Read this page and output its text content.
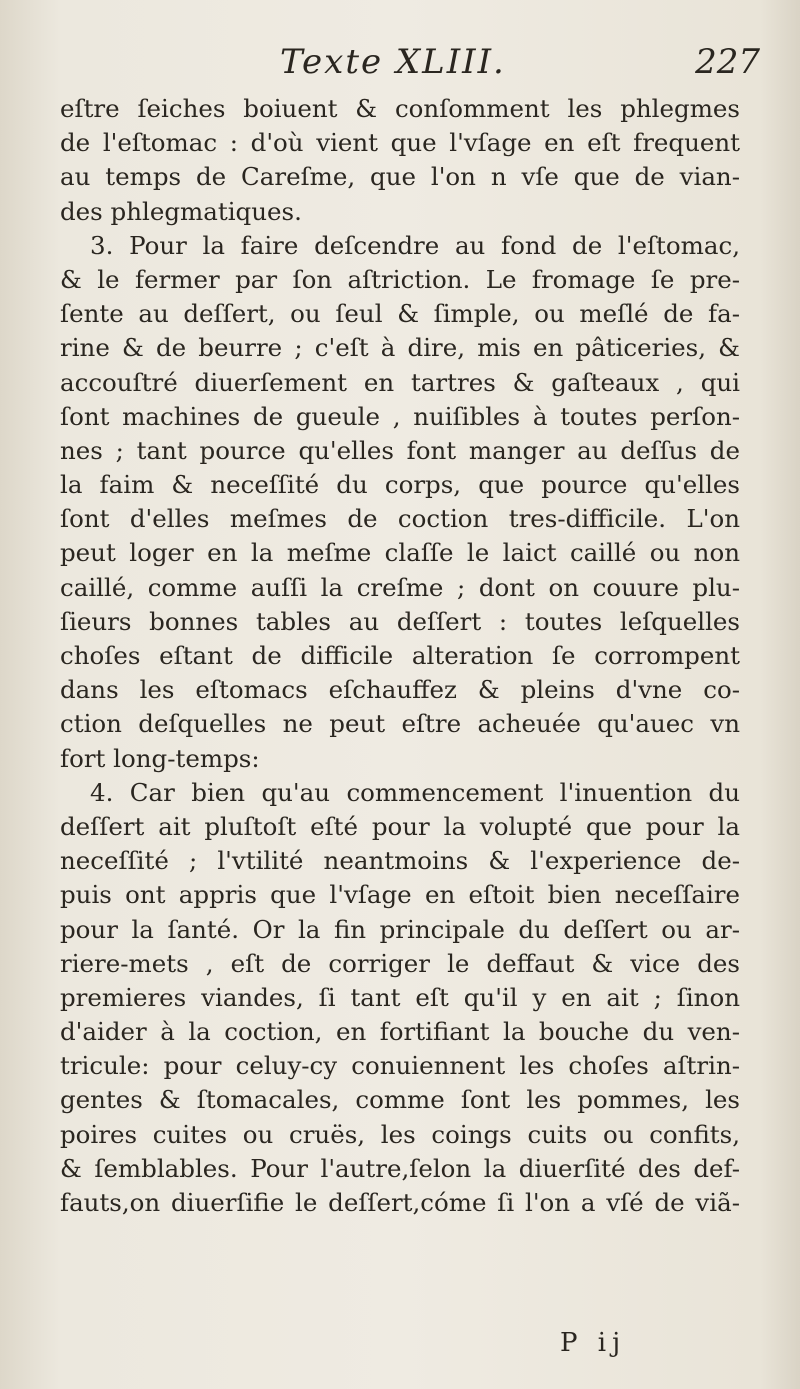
Texte XLIII.	227
eſtre ſeiches boiuent & conſomment les phlegmes
de l'eſtomac : d'où vient que l'vſage en eſt frequent
au temps de Careſme, que l'on n vſe que de vian-
des phlegmatiques.
3. Pour la faire deſcendre au fond de l'eſtomac,
& le fermer par ſon aſtriction. Le fromage ſe pre-
ſente au deſſert, ou ſeul & ſimple, ou meſlé de fa-
rine & de beurre ; c'eſt à dire, mis en pâticeries, &
accouſtré diuerſement en tartres & gaſteaux , qui
ſont machines de gueule , nuiſibles à toutes perſon-
nes ; tant pource qu'elles font manger au deſſus de
la faim & neceſſité du corps, que pource qu'elles
ſont d'elles meſmes de coction tres-difficile. L'on
peut loger en la meſme claſſe le laict caillé ou non
caillé, comme auſſi la creſme ; dont on couure plu-
ſieurs bonnes tables au deſſert : toutes leſquelles
choſes eſtant de difficile alteration ſe corrompent
dans les eſtomacs eſchauffez & pleins d'vne co-
ction deſquelles ne peut eſtre acheuée qu'auec vn
fort long-temps:
4. Car bien qu'au commencement l'inuention du
deſſert ait pluſtoſt eſté pour la volupté que pour la
neceſſité ; l'vtilité neantmoins & l'experience de-
puis ont appris que l'vſage en eſtoit bien neceſſaire
pour la ſanté. Or la fin principale du deſſert ou ar-
riere-mets , eſt de corriger le deffaut & vice des
premieres viandes, ſi tant eſt qu'il y en ait ; ſinon
d'aider à la coction, en fortifiant la bouche du ven-
tricule: pour celuy-cy conuiennent les choſes aſtrin-
gentes & ſtomacales, comme ſont les pommes, les
poires cuites ou cruës, les coings cuits ou confits,
& ſemblables. Pour l'autre,ſelon la diuerſité des def-
fauts,on diuerſifie le deſſert,cóme ſi l'on a vſé de viã-
P ij
